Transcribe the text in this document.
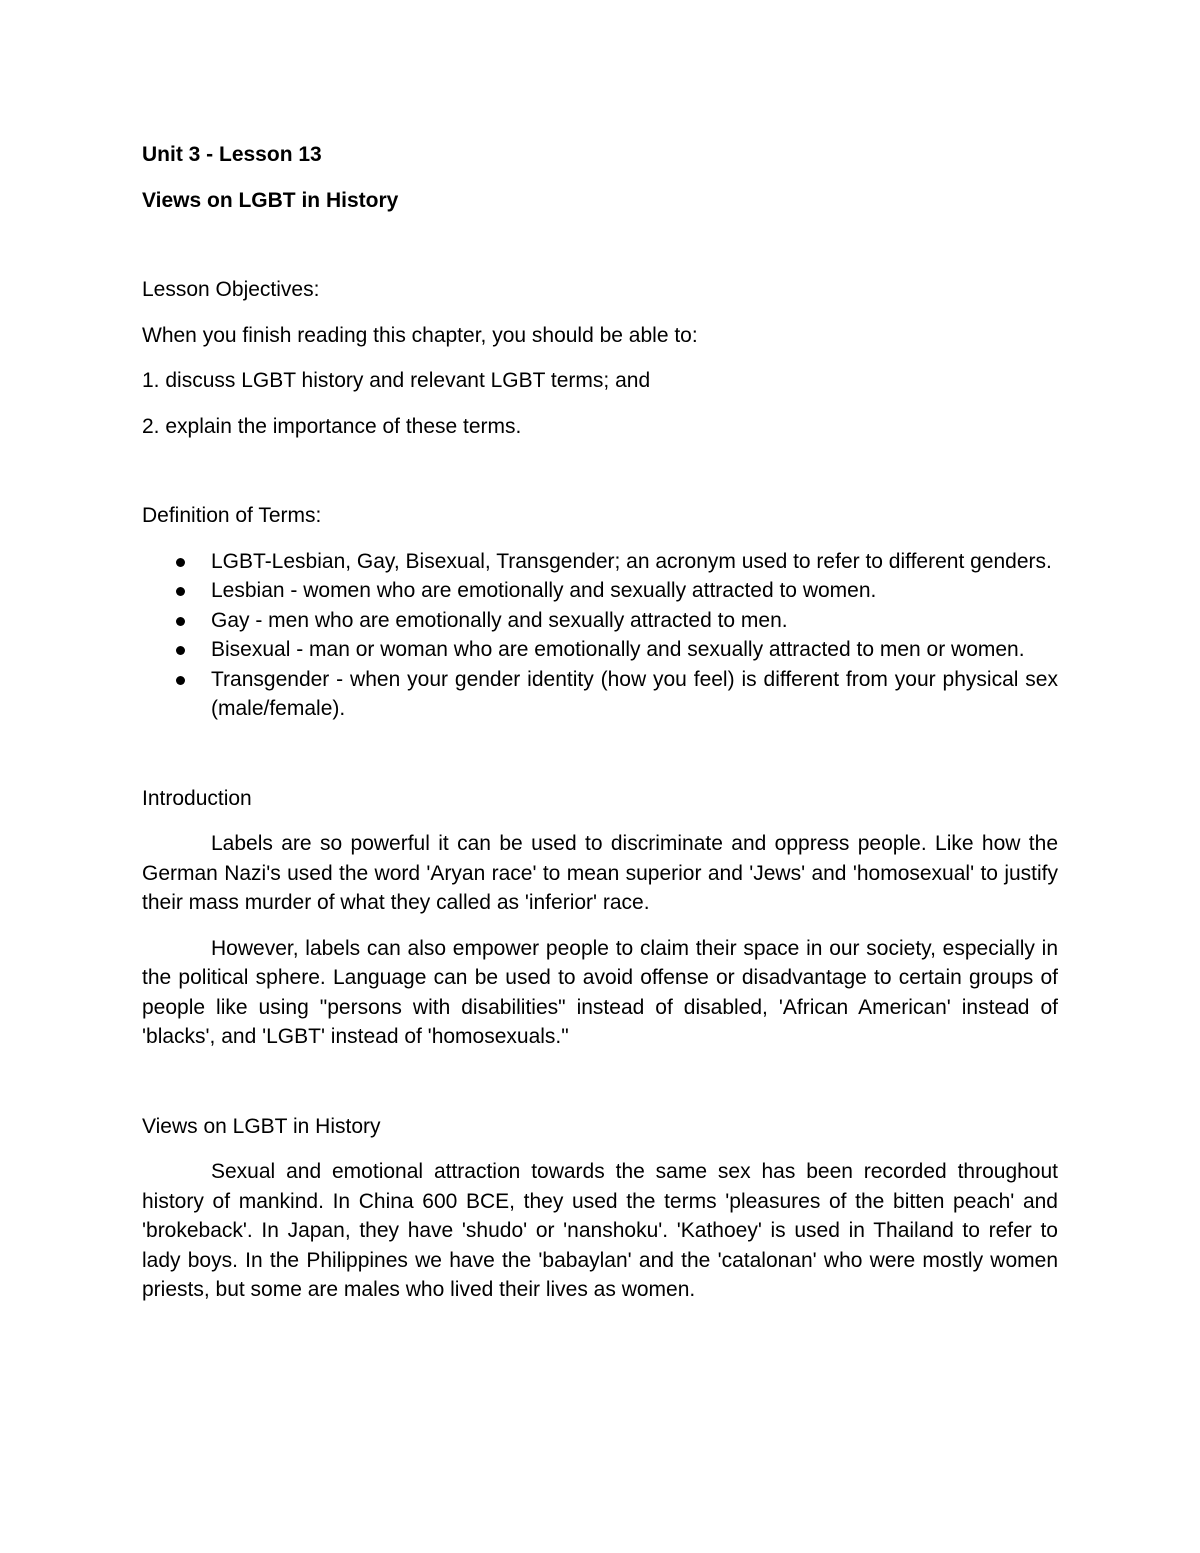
Unit 3 - Lesson 13

Views on LGBT in History

Lesson Objectives:

When you finish reading this chapter, you should be able to:

1. discuss LGBT history and relevant LGBT terms; and

2. explain the importance of these terms.

Definition of Terms:

LGBT-Lesbian, Gay, Bisexual, Transgender; an acronym used to refer to different genders.
Lesbian - women who are emotionally and sexually attracted to women.
Gay - men who are emotionally and sexually attracted to men.
Bisexual - man or woman who are emotionally and sexually attracted to men or women.
Transgender - when your gender identity (how you feel) is different from your physical sex (male/female).

Introduction

Labels are so powerful it can be used to discriminate and oppress people. Like how the German Nazi's used the word 'Aryan race' to mean superior and 'Jews' and 'homosexual' to justify their mass murder of what they called as 'inferior' race.

However, labels can also empower people to claim their space in our society, especially in the political sphere. Language can be used to avoid offense or disadvantage to certain groups of people like using "persons with disabilities" instead of disabled, 'African American' instead of 'blacks', and 'LGBT' instead of 'homosexuals."

Views on LGBT in History

Sexual and emotional attraction towards the same sex has been recorded throughout history of mankind. In China 600 BCE, they used the terms 'pleasures of the bitten peach' and 'brokeback'. In Japan, they have 'shudo' or 'nanshoku'. 'Kathoey' is used in Thailand to refer to lady boys. In the Philippines we have the 'babaylan' and the 'catalonan' who were mostly women priests, but some are males who lived their lives as women.
